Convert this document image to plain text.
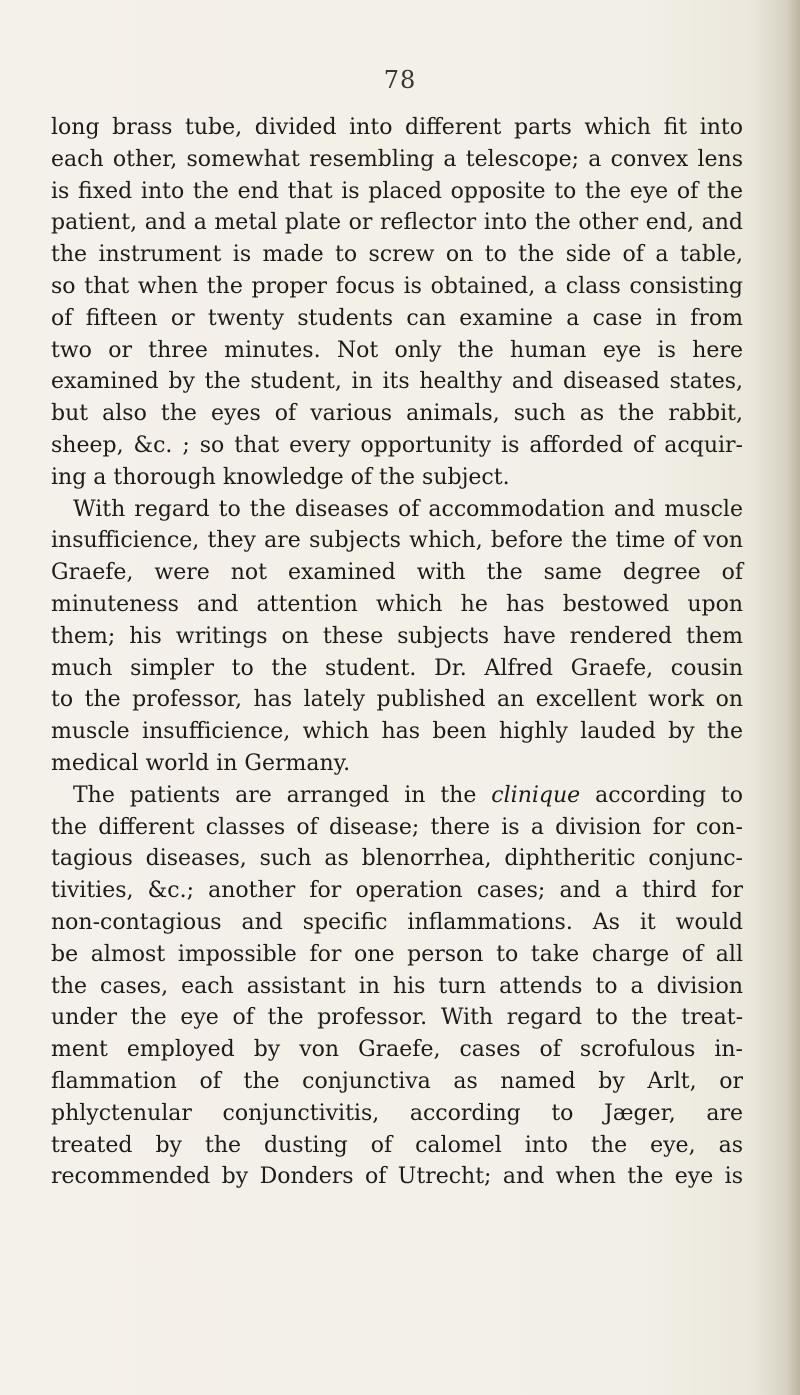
78
long brass tube, divided into different parts which fit into
each other, somewhat resembling a telescope; a convex lens
is fixed into the end that is placed opposite to the eye of the
patient, and a metal plate or reflector into the other end, and
the instrument is made to screw on to the side of a table,
so that when the proper focus is obtained, a class consisting
of fifteen or twenty students can examine a case in from
two or three minutes. Not only the human eye is here
examined by the student, in its healthy and diseased states,
but also the eyes of various animals, such as the rabbit,
sheep, &c. ; so that every opportunity is afforded of acquir-
ing a thorough knowledge of the subject.
With regard to the diseases of accommodation and muscle
insufficience, they are subjects which, before the time of von
Graefe, were not examined with the same degree of
minuteness and attention which he has bestowed upon
them; his writings on these subjects have rendered them
much simpler to the student. Dr. Alfred Graefe, cousin
to the professor, has lately published an excellent work on
muscle insufficience, which has been highly lauded by the
medical world in Germany.
The patients are arranged in the clinique according to
the different classes of disease; there is a division for con-
tagious diseases, such as blenorrhea, diphtheritic conjunc-
tivities, &c.; another for operation cases; and a third for
non-contagious and specific inflammations. As it would
be almost impossible for one person to take charge of all
the cases, each assistant in his turn attends to a division
under the eye of the professor. With regard to the treat-
ment employed by von Graefe, cases of scrofulous in-
flammation of the conjunctiva as named by Arlt, or
phlyctenular conjunctivitis, according to Jæger, are
treated by the dusting of calomel into the eye, as
recommended by Donders of Utrecht; and when the eye is
